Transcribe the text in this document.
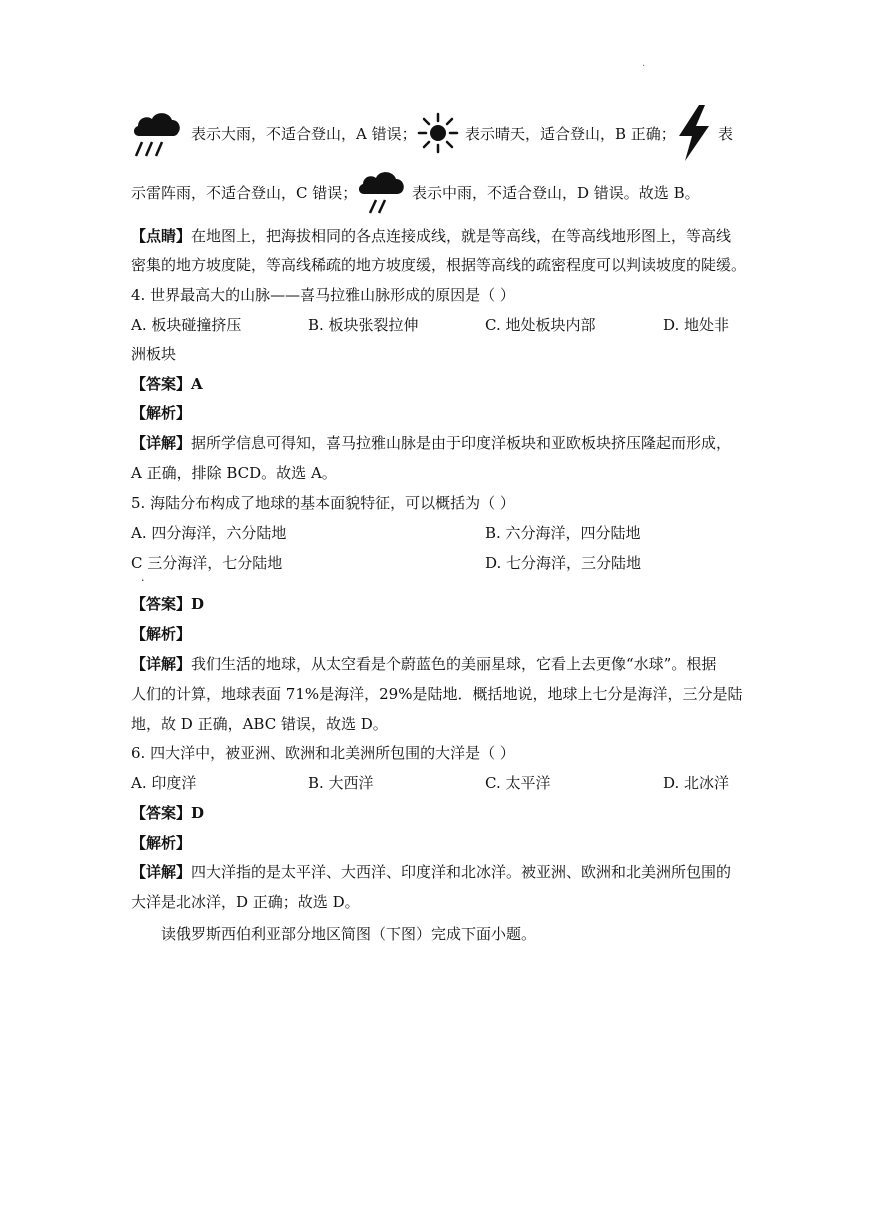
.
表示大雨，不适合登山，A 错误；	表示晴天，适合登山，B 正确；	表
示雷阵雨，不适合登山，C 错误；	表示中雨，不适合登山，D 错误。故选 B。
【点睛】在地图上，把海拔相同的各点连接成线，就是等高线，在等高线地形图上，等高线
密集的地方坡度陡，等高线稀疏的地方坡度缓，根据等高线的疏密程度可以判读坡度的陡缓。
4. 世界最高大的山脉——喜马拉雅山脉形成的原因是（ ）
A. 板块碰撞挤压	B. 板块张裂拉伸	C. 地处板块内部	D. 地处非
洲板块
【答案】A
【解析】
【详解】据所学信息可得知，喜马拉雅山脉是由于印度洋板块和亚欧板块挤压隆起而形成，
A 正确，排除 BCD。故选 A。
5. 海陆分布构成了地球的基本面貌特征，可以概括为（ ）
A. 四分海洋，六分陆地	B. 六分海洋，四分陆地
C 三分海洋，七分陆地	D. 七分海洋，三分陆地
·
【答案】D
【解析】
【详解】我们生活的地球，从太空看是个蔚蓝色的美丽星球，它看上去更像“水球”。根据
人们的计算，地球表面 71%是海洋，29%是陆地．概括地说，地球上七分是海洋，三分是陆
地，故 D 正确，ABC 错误，故选 D。
6. 四大洋中，被亚洲、欧洲和北美洲所包围的大洋是（ ）
A. 印度洋	B. 大西洋	C. 太平洋	D. 北冰洋
【答案】D
【解析】
【详解】四大洋指的是太平洋、大西洋、印度洋和北冰洋。被亚洲、欧洲和北美洲所包围的
大洋是北冰洋，D 正确；故选 D。
读俄罗斯西伯利亚部分地区简图（下图）完成下面小题。
